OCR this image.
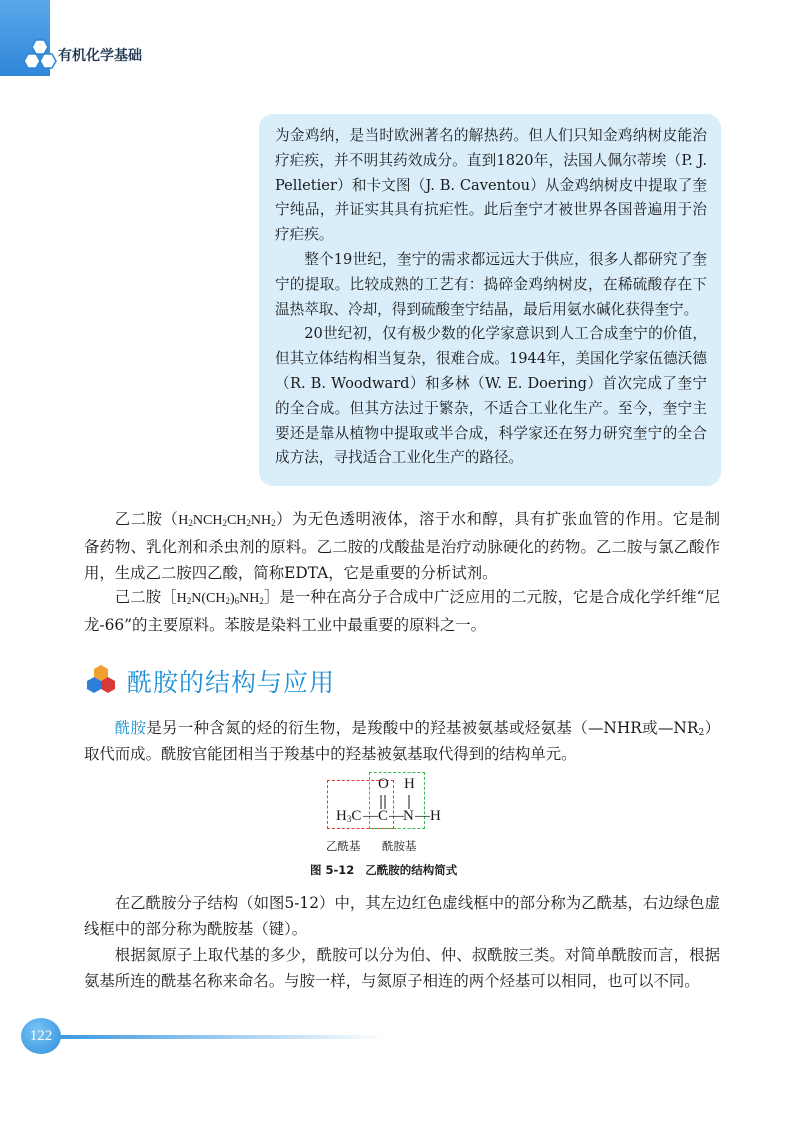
有机化学基础

为金鸡纳，是当时欧洲著名的解热药。但人们只知金鸡纳树皮能治疗疟疾，并不明其药效成分。直到1820年，法国人佩尔蒂埃（P. J. Pelletier）和卡文图（J. B. Caventou）从金鸡纳树皮中提取了奎宁纯品，并证实其具有抗疟性。此后奎宁才被世界各国普遍用于治疗疟疾。

整个19世纪，奎宁的需求都远远大于供应，很多人都研究了奎宁的提取。比较成熟的工艺有：捣碎金鸡纳树皮，在稀硫酸存在下温热萃取、冷却，得到硫酸奎宁结晶，最后用氨水碱化获得奎宁。

20世纪初，仅有极少数的化学家意识到人工合成奎宁的价值，但其立体结构相当复杂，很难合成。1944年，美国化学家伍德沃德（R. B. Woodward）和多林（W. E. Doering）首次完成了奎宁的全合成。但其方法过于繁杂，不适合工业化生产。至今，奎宁主要还是靠从植物中提取或半合成，科学家还在努力研究奎宁的全合成方法，寻找适合工业化生产的路径。

乙二胺$(H_2NCH_2CH_2NH_2)$为无色透明液体，溶于水和醇，具有扩张血管的作用。它是制备药物、乳化剂和杀虫剂的原料。乙二胺的戊酸盐是治疗动脉硬化的药物。乙二胺与氯乙酸作用，生成乙二胺四乙酸，简称EDTA，它是重要的分析试剂。

己二胺$[H_2N(CH_2)_6NH_2]$是一种在高分子合成中广泛应用的二元胺，它是合成化学纤维“尼龙-66”的主要原料。苯胺是染料工业中最重要的原料之一。

酰胺的结构与应用

酰胺是另一种含氮的烃的衍生物，是羧酸中的羟基被氨基或烃氨基（—NHR或$—NR_2$）取代而成。酰胺官能团相当于羧基中的羟基被氨基取代得到的结构单元。

O H
$H_3C$ — C — N — H
乙酰基 酰胺基
图 5-12 乙酰胺的结构简式

在乙酰胺分子结构（如图5-12）中，其左边红色虚线框中的部分称为乙酰基，右边绿色虚线框中的部分称为酰胺基（键）。

根据氮原子上取代基的多少，酰胺可以分为伯、仲、叔酰胺三类。对简单酰胺而言，根据氨基所连的酰基名称来命名。与胺一样，与氮原子相连的两个烃基可以相同，也可以不同。

122
